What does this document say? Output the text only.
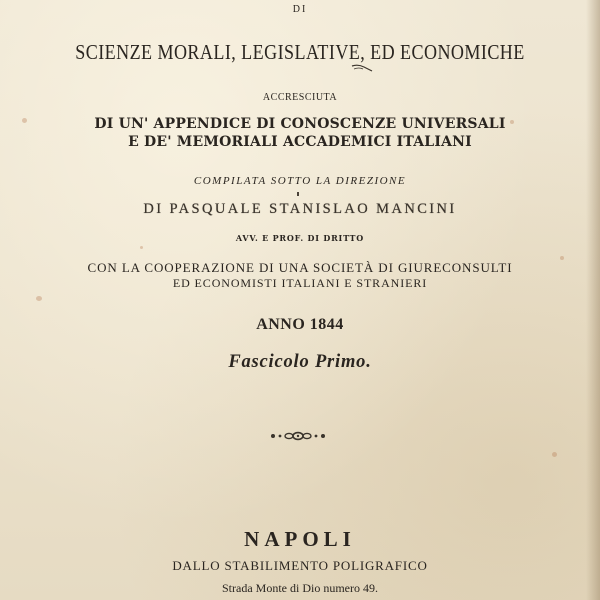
DI

SCIENZE MORALI, LEGISLATIVE, ED ECONOMICHE

ACCRESCIUTA

DI UN' APPENDICE DI CONOSCENZE UNIVERSALI

E DE' MEMORIALI ACCADEMICI ITALIANI

COMPILATA SOTTO LA DIREZIONE

DI PASQUALE STANISLAO MANCINI

AVV. E PROF. DI DRITTO

CON LA COOPERAZIONE DI UNA SOCIETÀ DI GIURECONSULTI

ED ECONOMISTI ITALIANI E STRANIERI

ANNO 1844

Fascicolo Primo.

NAPOLI

DALLO STABILIMENTO POLIGRAFICO

Strada Monte di Dio numero 49.
